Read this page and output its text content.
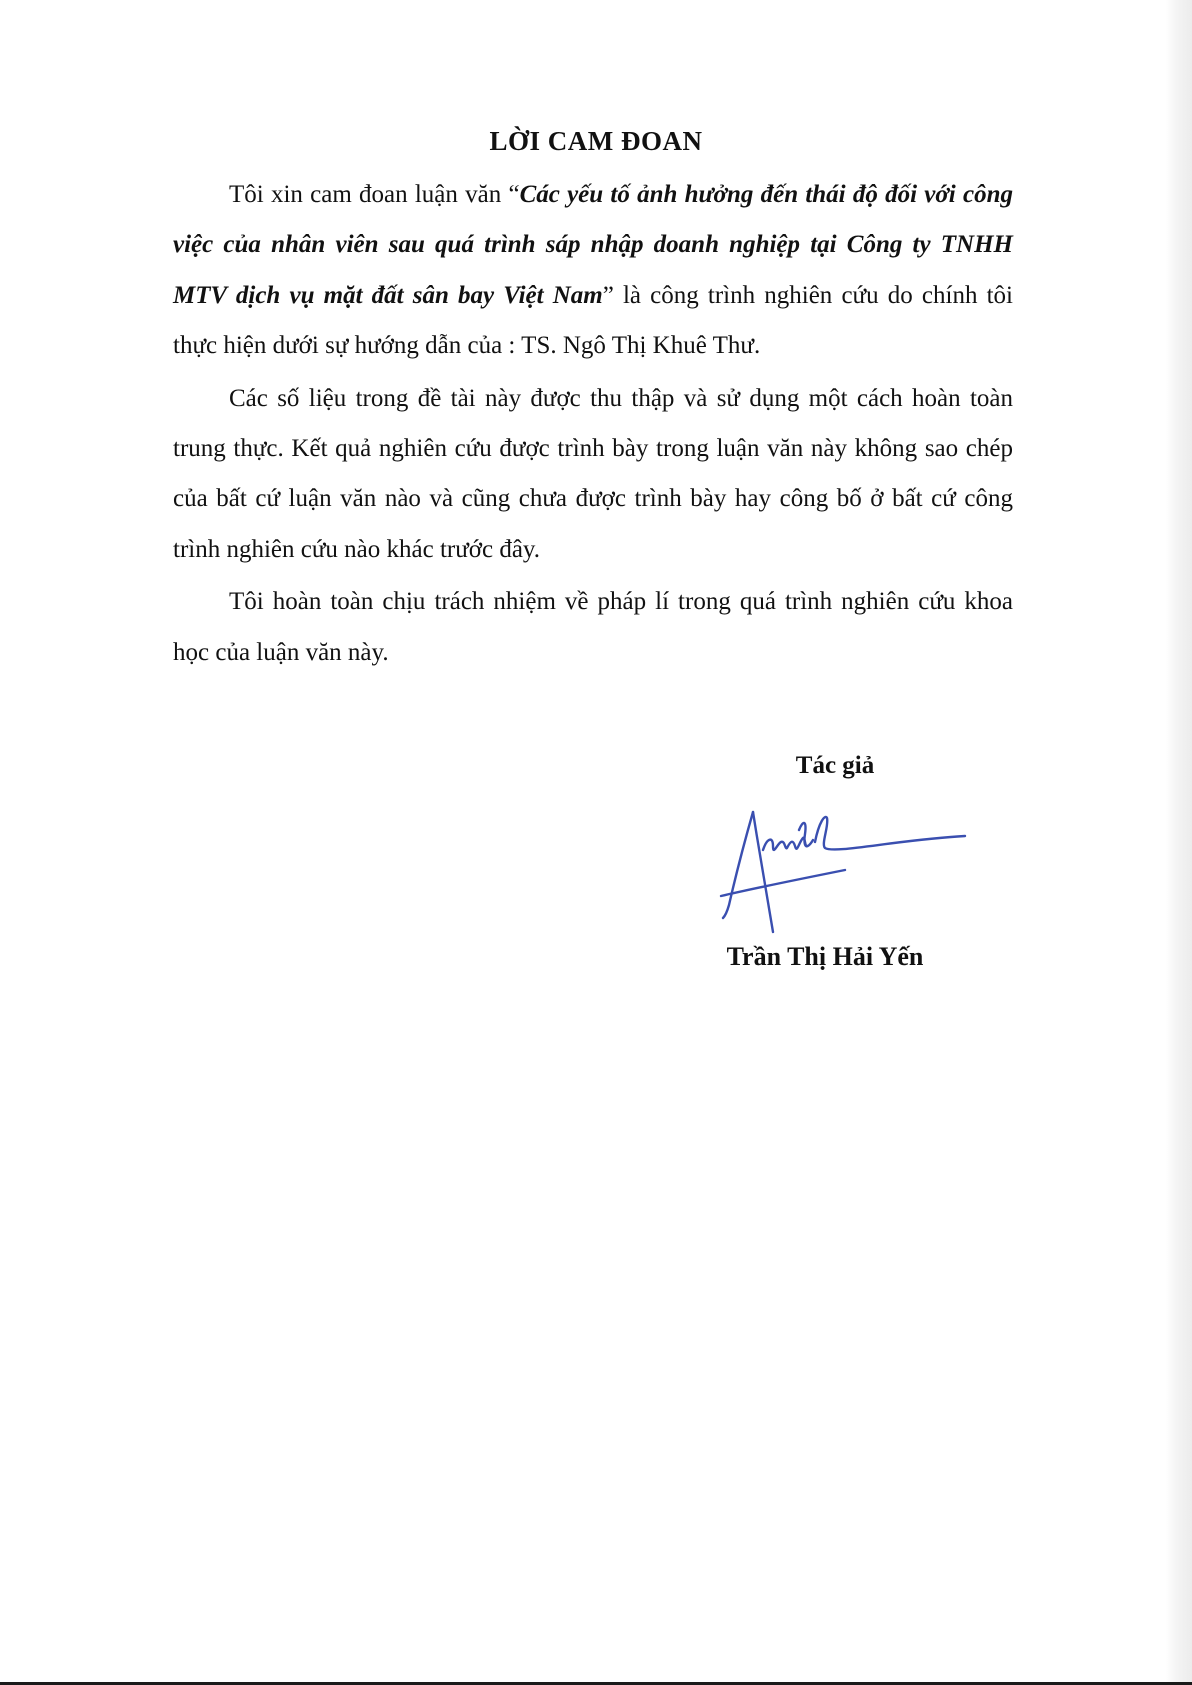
LỜI CAM ĐOAN

Tôi xin cam đoan luận văn “Các yếu tố ảnh hưởng đến thái độ đối với công việc của nhân viên sau quá trình sáp nhập doanh nghiệp tại Công ty TNHH MTV dịch vụ mặt đất sân bay Việt Nam” là công trình nghiên cứu do chính tôi thực hiện dưới sự hướng dẫn của : TS. Ngô Thị Khuê Thư.

Các số liệu trong đề tài này được thu thập và sử dụng một cách hoàn toàn trung thực. Kết quả nghiên cứu được trình bày trong luận văn này không sao chép của bất cứ luận văn nào và cũng chưa được trình bày hay công bố ở bất cứ công trình nghiên cứu nào khác trước đây.

Tôi hoàn toàn chịu trách nhiệm về pháp lí trong quá trình nghiên cứu khoa học của luận văn này.

Tác giả
Trần Thị Hải Yến
